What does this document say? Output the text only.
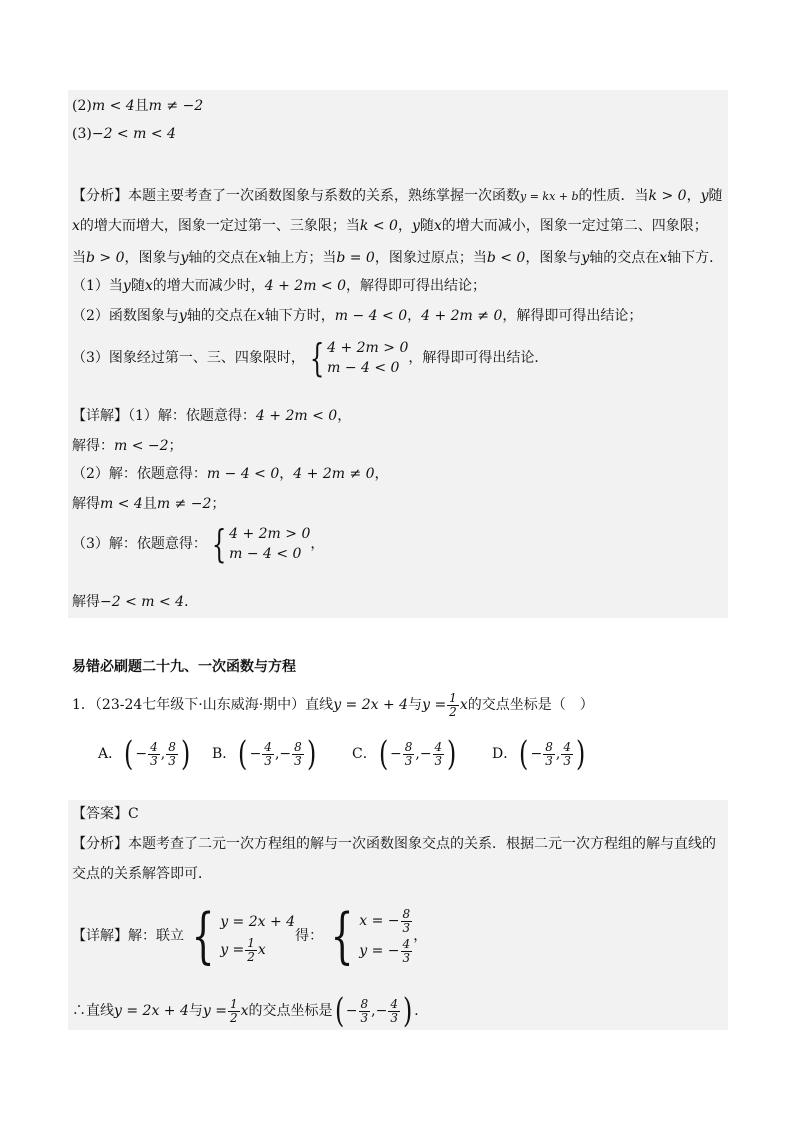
(2)m < 4且m ≠ −2
(3)−2 < m < 4
【分析】本题主要考查了一次函数图象与系数的关系，熟练掌握一次函数y = kx + b的性质．当k > 0，y随
x的增大而增大，图象一定过第一、三象限；当k < 0，y随x的增大而减小，图象一定过第二、四象限；
当b > 0，图象与y轴的交点在x轴上方；当b = 0，图象过原点；当b < 0，图象与y轴的交点在x轴下方．
（1）当y随x的增大而减少时，4 + 2m < 0，解得即可得出结论；
（2）函数图象与y轴的交点在x轴下方时，m − 4 < 0，4 + 2m ≠ 0，解得即可得出结论；
（3）图象经过第一、三、四象限时， { 4 + 2m > 0
m − 4 < 0
，解得即可得出结论．
【详解】（1）解：依题意得：4 + 2m < 0，
解得：m < −2；
（2）解：依题意得：m − 4 < 0，4 + 2m ≠ 0，
解得m < 4且m ≠ −2；
（3）解：依题意得： { 4 + 2m > 0
m − 4 < 0
，
解得−2 < m < 4．
易错必刷题二十九、一次函数与方程
1．（23-24七年级下·山东威海·期中）直线y = 2x + 4与$y = \frac{1}{2}$ x的交点坐标是（　）
A．( − $\frac{4}{3}$ , $\frac{8}{3}$ ) B．( − $\frac{4}{3}$ ,− $\frac{8}{3}$ )	C．( − $\frac{8}{3}$ ,− $\frac{4}{3}$ )	D．( − $\frac{8}{3}$ , $\frac{4}{3}$ )
【答案】C
【分析】本题考查了二元一次方程组的解与一次函数图象交点的关系．根据二元一次方程组的解与直线的
交点的关系解答即可．
【详解】解：联立 { y = 2x + 4
$y = \frac{1}{2}$ x
得： { x = − $\frac{8}{3}$
y = − $\frac{4}{3}$
，
∴直线y = 2x + 4与$y = \frac{1}{2}$ x的交点坐标是( − $\frac{8}{3}$ ,− $\frac{4}{3}$ ) ．
